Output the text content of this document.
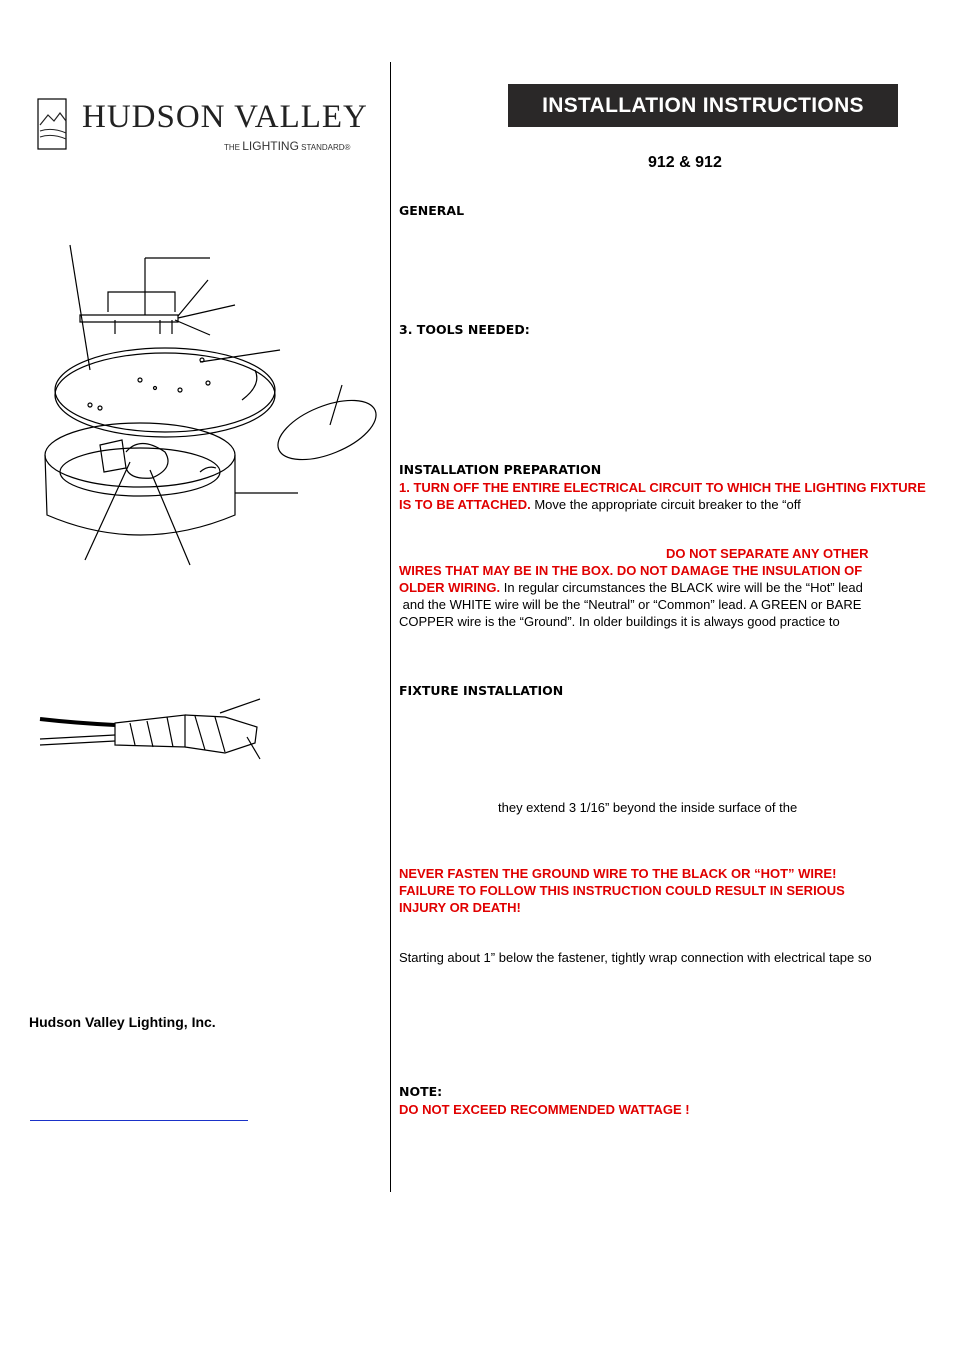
HUDSON VALLEY
THE LIGHTING STANDARD®
Hudson Valley Lighting, Inc.
INSTALLATION INSTRUCTIONS
912 & 912
GENERAL
3. TOOLS NEEDED:
INSTALLATION PREPARATION
1. TURN OFF THE ENTIRE ELECTRICAL CIRCUIT TO WHICH THE LIGHTING FIXTURE IS TO BE ATTACHED. Move the appropriate circuit breaker to the “off
DO NOT SEPARATE ANY OTHER
WIRES THAT MAY BE IN THE BOX. DO NOT DAMAGE THE INSULATION OF
OLDER WIRING. In regular circumstances the BLACK wire will be the “Hot” lead
and the WHITE wire will be the “Neutral” or “Common” lead. A GREEN or BARE
COPPER wire is the “Ground”. In older buildings it is always good practice to
FIXTURE INSTALLATION
they extend 3 1/16” beyond the inside surface of the
NEVER FASTEN THE GROUND WIRE TO THE BLACK OR “HOT” WIRE!
FAILURE TO FOLLOW THIS INSTRUCTION COULD RESULT IN SERIOUS
INJURY OR DEATH!
Starting about 1” below the fastener, tightly wrap connection with electrical tape so
NOTE:
DO NOT EXCEED RECOMMENDED WATTAGE !
